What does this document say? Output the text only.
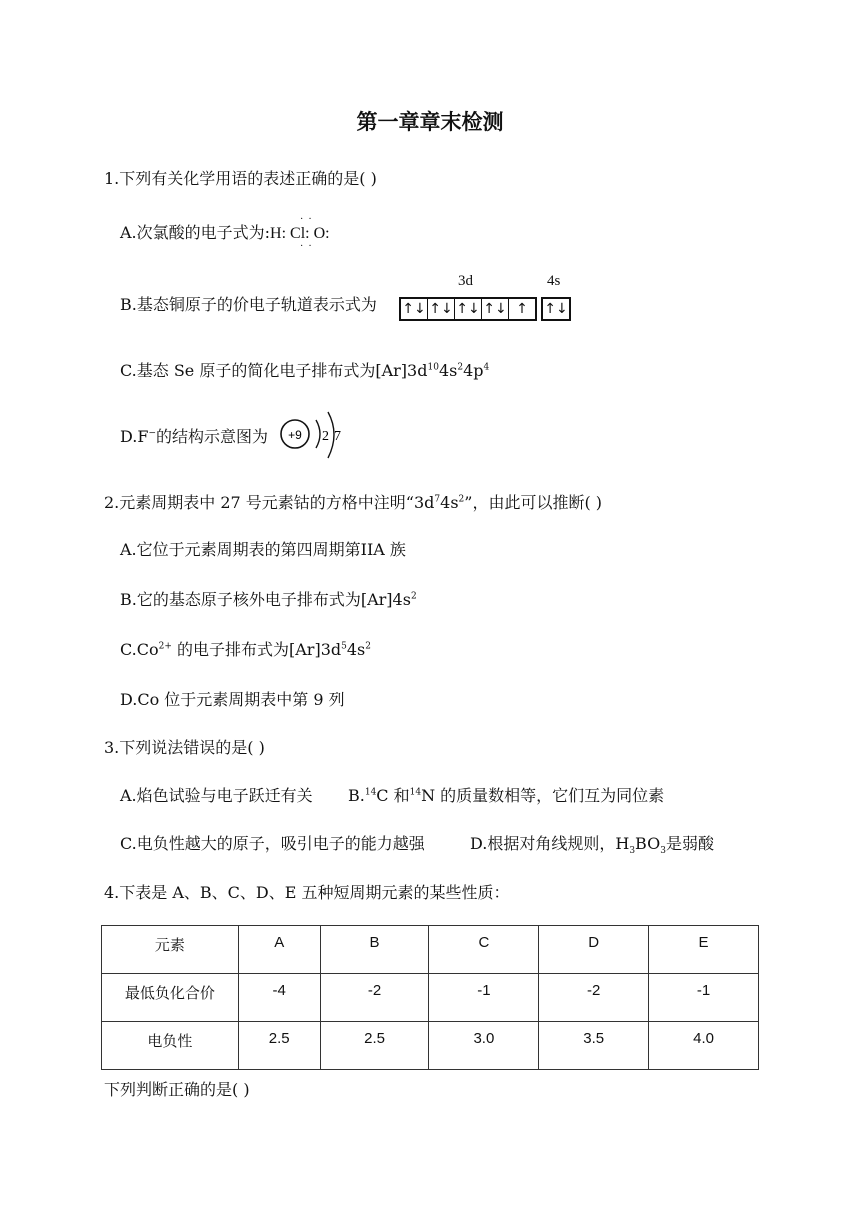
第一章章末检测
1.下列有关化学用语的表述正确的是( )
A.次氯酸的电子式为:
··
··
H: Cl: O:
B.基态铜原子的价电子轨道表示式为
3d	4s
↑↓ ↑↓ ↑↓ ↑↓ ↑	↑↓
C.基态 Se 原子的简化电子排布式为$[Ar]3d^{10}4s^24p^4$
D.F−的结构示意图为 +9 2 7
2.元素周期表中 27 号元素钴的方格中注明“$3d^74s^2$”，由此可以推断( )
A.它位于元素周期表的第四周期第IIA 族
B.它的基态原子核外电子排布式为$[Ar]4s^2$
$C.Co^{2+}$ 的电子排布式为$[Ar]3d^54s^2$
D.Co 位于元素周期表中第 9 列
3.下列说法错误的是( )
A.焰色试验与电子跃迁有关 B.$^{14}$C 和$^{14}$N 的质量数相等，它们互为同位素
C.电负性越大的原子，吸引电子的能力越强	D.根据对角线规则，$H_3BO_3$是弱酸
4.下表是 A、B、C、D、E 五种短周期元素的某些性质：
元素	A	B	C	D	E
最低负化合价	-4	-2	-1	-2	-1
电负性	2.5	2.5	3.0	3.5	4.0
下列判断正确的是( )
